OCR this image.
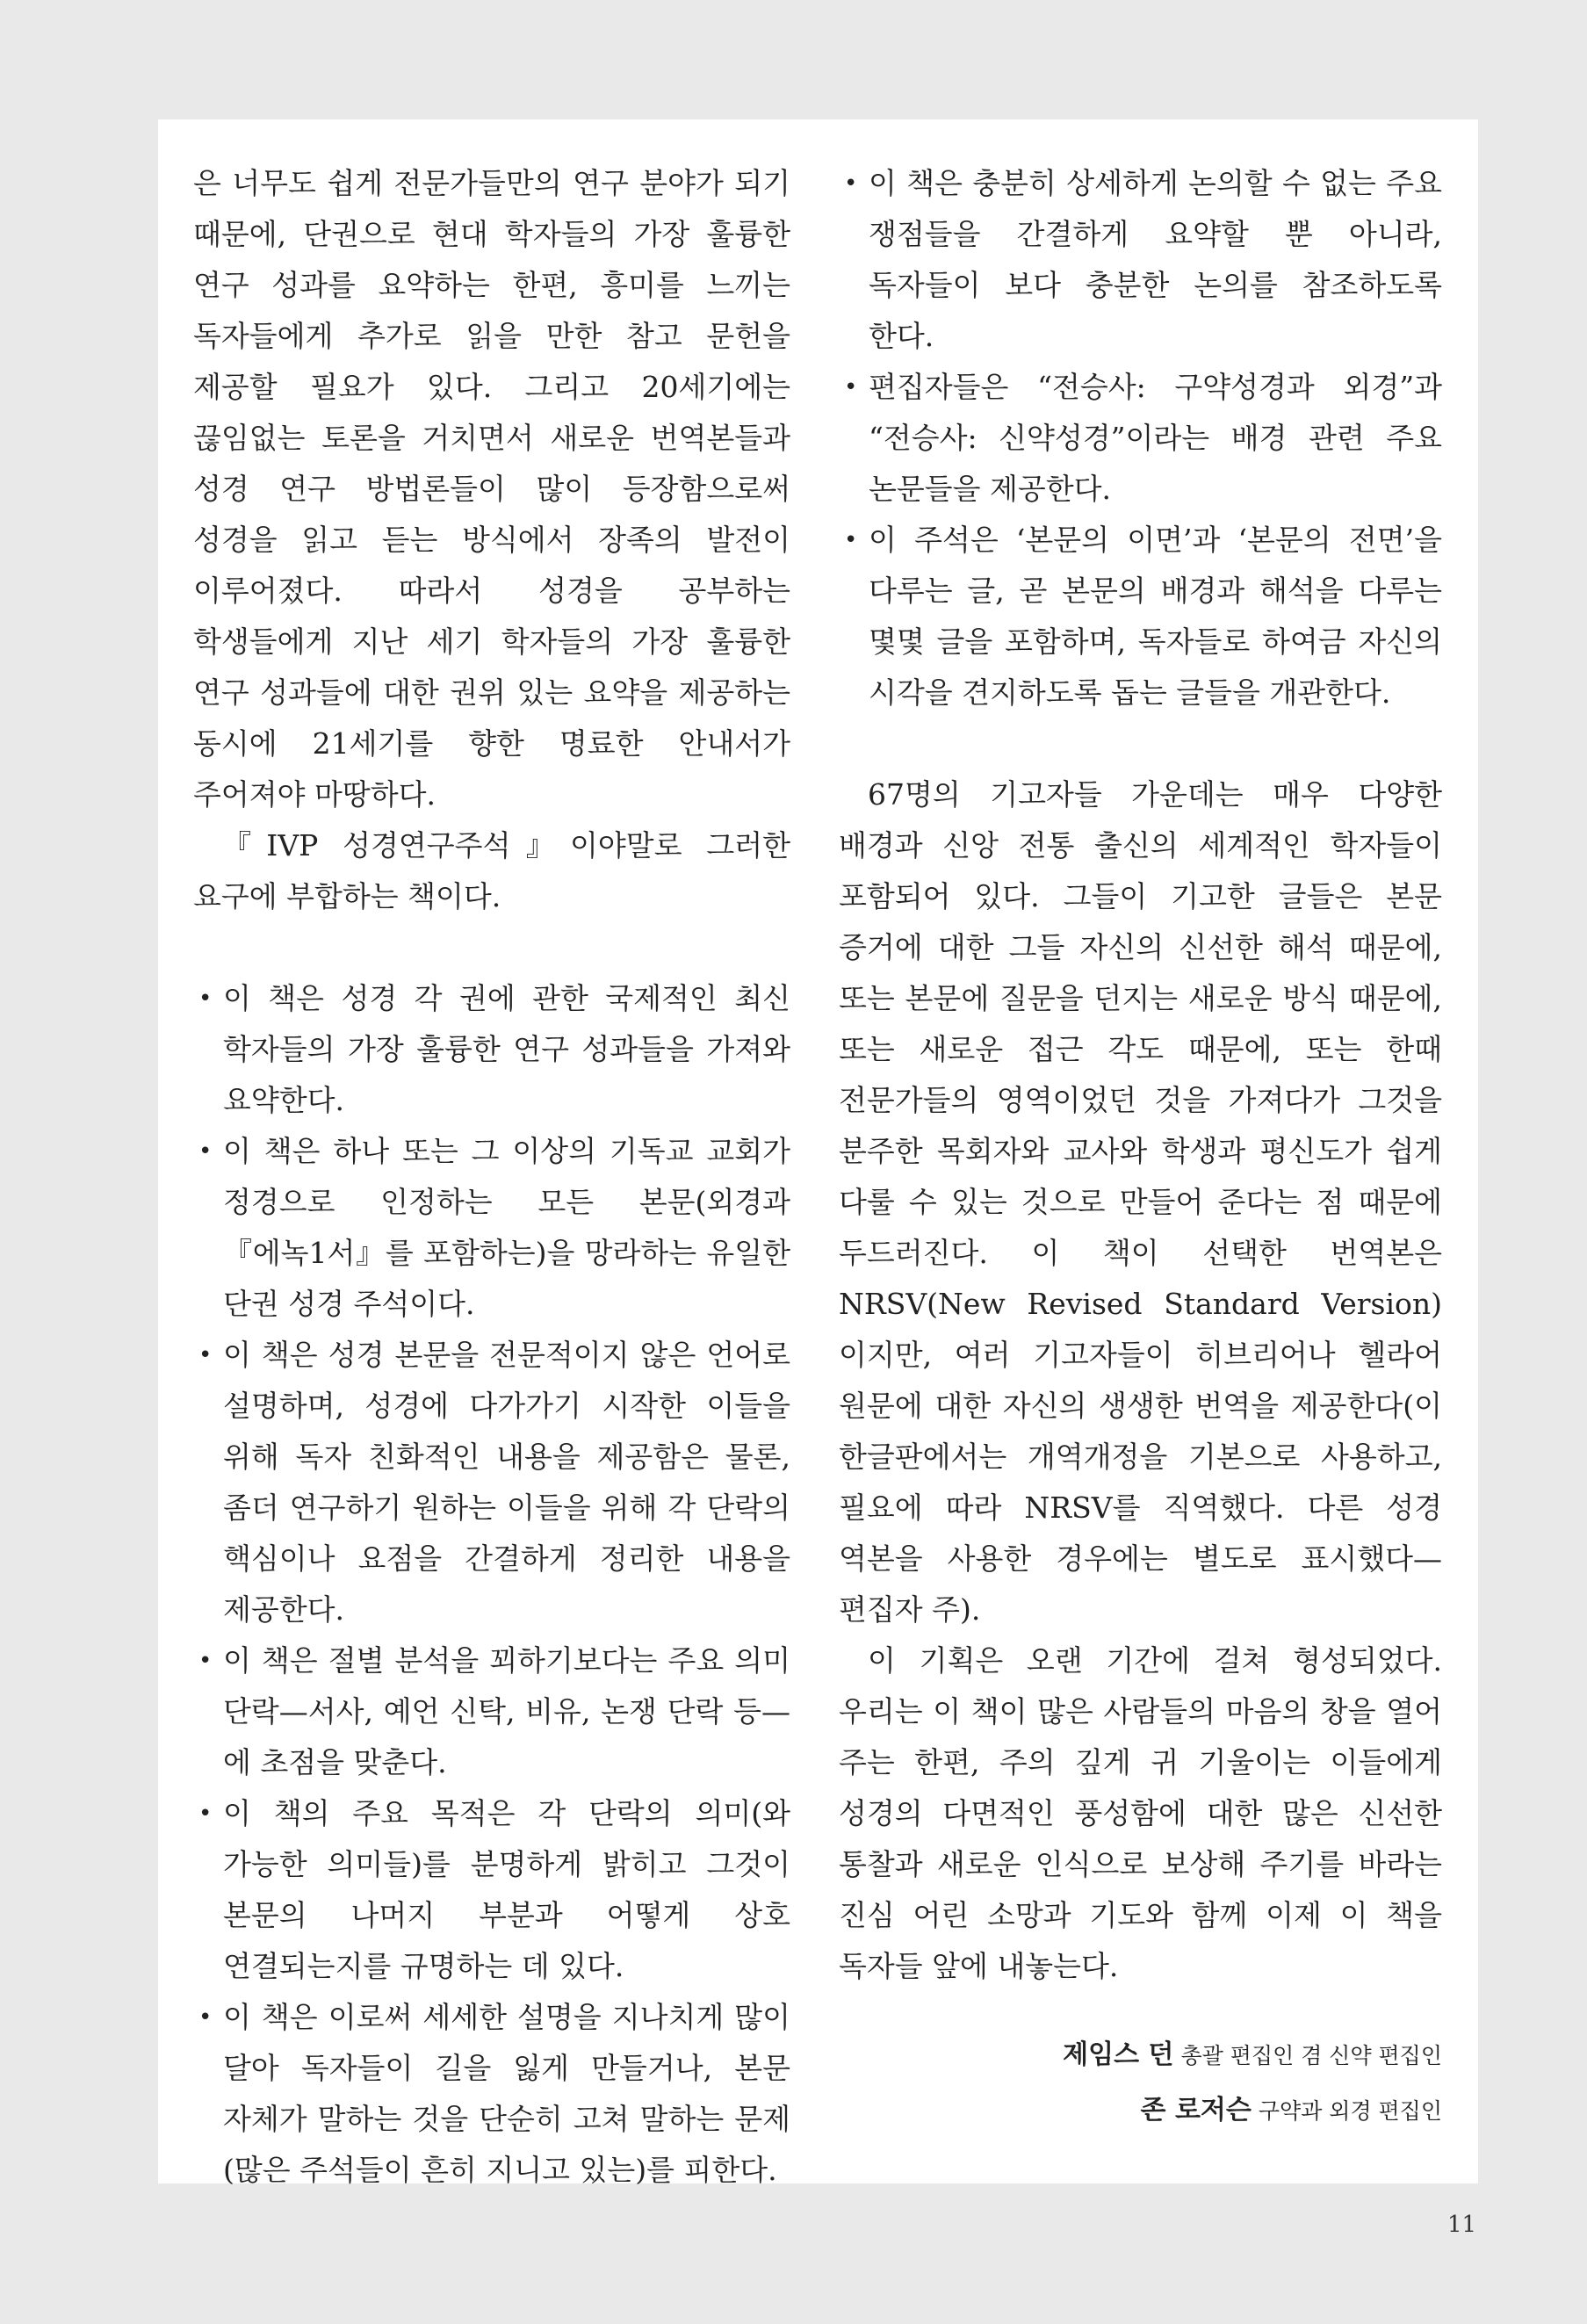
은 너무도 쉽게 전문가들만의 연구 분야가 되기 때문에, 단권으로 현대 학자들의 가장 훌륭한 연구 성과를 요약하는 한편, 흥미를 느끼는 독자들에게 추가로 읽을 만한 참고 문헌을 제공할 필요가 있다. 그리고 20세기에는 끊임없는 토론을 거치면서 새로운 번역본들과 성경 연구 방법론들이 많이 등장함으로써 성경을 읽고 듣는 방식에서 장족의 발전이 이루어졌다. 따라서 성경을 공부하는 학생들에게 지난 세기 학자들의 가장 훌륭한 연구 성과들에 대한 권위 있는 요약을 제공하는 동시에 21세기를 향한 명료한 안내서가 주어져야 마땅하다.

『IVP 성경연구주석』이야말로 그러한 요구에 부합하는 책이다.

• 이 책은 성경 각 권에 관한 국제적인 최신 학자들의 가장 훌륭한 연구 성과들을 가져와 요약한다.
• 이 책은 하나 또는 그 이상의 기독교 교회가 정경으로 인정하는 모든 본문(외경과 『에녹1서』를 포함하는)을 망라하는 유일한 단권 성경 주석이다.
• 이 책은 성경 본문을 전문적이지 않은 언어로 설명하며, 성경에 다가가기 시작한 이들을 위해 독자 친화적인 내용을 제공함은 물론, 좀더 연구하기 원하는 이들을 위해 각 단락의 핵심이나 요점을 간결하게 정리한 내용을 제공한다.
• 이 책은 절별 분석을 꾀하기보다는 주요 의미 단락—서사, 예언 신탁, 비유, 논쟁 단락 등—에 초점을 맞춘다.
• 이 책의 주요 목적은 각 단락의 의미(와 가능한 의미들)를 분명하게 밝히고 그것이 본문의 나머지 부분과 어떻게 상호 연결되는지를 규명하는 데 있다.
• 이 책은 이로써 세세한 설명을 지나치게 많이 달아 독자들이 길을 잃게 만들거나, 본문 자체가 말하는 것을 단순히 고쳐 말하는 문제(많은 주석들이 흔히 지니고 있는)를 피한다.
• 이 책은 충분히 상세하게 논의할 수 없는 주요 쟁점들을 간결하게 요약할 뿐 아니라, 독자들이 보다 충분한 논의를 참조하도록 한다.
• 편집자들은 “전승사: 구약성경과 외경”과 “전승사: 신약성경”이라는 배경 관련 주요 논문들을 제공한다.
• 이 주석은 ‘본문의 이면’과 ‘본문의 전면’을 다루는 글, 곧 본문의 배경과 해석을 다루는 몇몇 글을 포함하며, 독자들로 하여금 자신의 시각을 견지하도록 돕는 글들을 개관한다.

67명의 기고자들 가운데는 매우 다양한 배경과 신앙 전통 출신의 세계적인 학자들이 포함되어 있다. 그들이 기고한 글들은 본문 증거에 대한 그들 자신의 신선한 해석 때문에, 또는 본문에 질문을 던지는 새로운 방식 때문에, 또는 새로운 접근 각도 때문에, 또는 한때 전문가들의 영역이었던 것을 가져다가 그것을 분주한 목회자와 교사와 학생과 평신도가 쉽게 다룰 수 있는 것으로 만들어 준다는 점 때문에 두드러진다. 이 책이 선택한 번역본은 NRSV(New Revised Standard Version)이지만, 여러 기고자들이 히브리어나 헬라어 원문에 대한 자신의 생생한 번역을 제공한다(이 한글판에서는 개역개정을 기본으로 사용하고, 필요에 따라 NRSV를 직역했다. 다른 성경 역본을 사용한 경우에는 별도로 표시했다—편집자 주).

이 기획은 오랜 기간에 걸쳐 형성되었다. 우리는 이 책이 많은 사람들의 마음의 창을 열어 주는 한편, 주의 깊게 귀 기울이는 이들에게 성경의 다면적인 풍성함에 대한 많은 신선한 통찰과 새로운 인식으로 보상해 주기를 바라는 진심 어린 소망과 기도와 함께 이제 이 책을 독자들 앞에 내놓는다.

제임스 던 총괄 편집인 겸 신약 편집인
존 로저슨 구약과 외경 편집인
11
